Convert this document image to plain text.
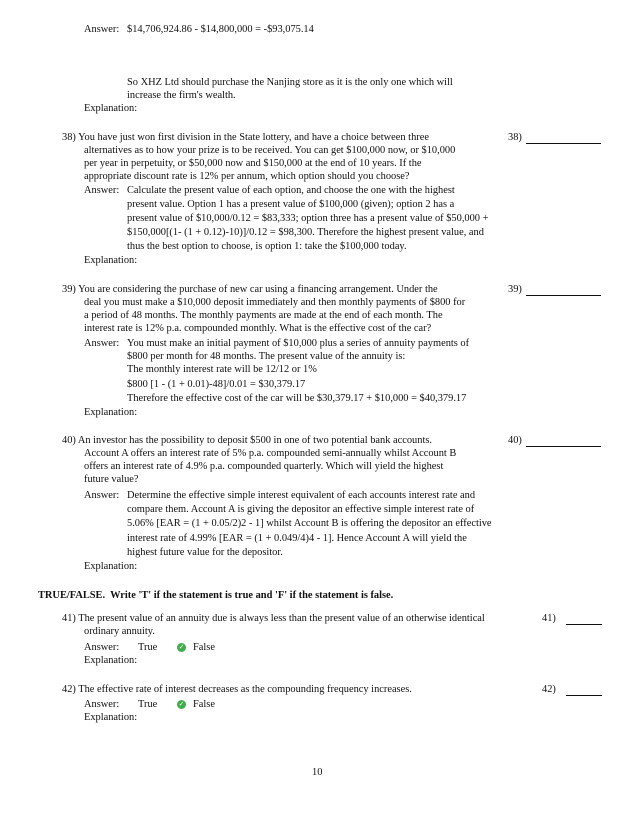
Answer: $14,706,924.86 - $14,800,000 = -$93,075.14
So XHZ Ltd should purchase the Nanjing store as it is the only one which will
increase the firm's wealth.
Explanation:
38) You have just won first division in the State lottery, and have a choice between three
alternatives as to how your prize is to be received. You can get $100,000 now, or $10,000
per year in perpetuity, or $50,000 now and $150,000 at the end of 10 years. If the
appropriate discount rate is 12% per annum, which option should you choose?
38)
Answer: Calculate the present value of each option, and choose the one with the highest
present value. Option 1 has a present value of $100,000 (given); option 2 has a
present value of $10,000/0.12 = $83,333; option three has a present value of $50,000 +
$150,000[(1- (1 + 0.12)-10)]/0.12 = $98,300. Therefore the highest present value, and
thus the best option to choose, is option 1: take the $100,000 today.
Explanation:
39) You are considering the purchase of new car using a financing arrangement. Under the
deal you must make a $10,000 deposit immediately and then monthly payments of $800 for
a period of 48 months. The monthly payments are made at the end of each month. The
interest rate is 12% p.a. compounded monthly. What is the effective cost of the car?
39)
Answer: You must make an initial payment of $10,000 plus a series of annuity payments of
$800 per month for 48 months. The present value of the annuity is:
The monthly interest rate will be 12/12 or 1%
$800 [1 - (1 + 0.01)-48]/0.01 = $30,379.17
Therefore the effective cost of the car will be $30,379.17 + $10,000 = $40,379.17
Explanation:
40) An investor has the possibility to deposit $500 in one of two potential bank accounts.
Account A offers an interest rate of 5% p.a. compounded semi-annually whilst Account B
offers an interest rate of 4.9% p.a. compounded quarterly. Which will yield the highest
future value?
40)
Answer: Determine the effective simple interest equivalent of each accounts interest rate and
compare them. Account A is giving the depositor an effective simple interest rate of
5.06% [EAR = (1 + 0.05/2)2 - 1] whilst Account B is offering the depositor an effective
interest rate of 4.99% [EAR = (1 + 0.049/4)4 - 1]. Hence Account A will yield the
highest future value for the depositor.
Explanation:
TRUE/FALSE.  Write 'T' if the statement is true and 'F' if the statement is false.
41) The present value of an annuity due is always less than the present value of an otherwise identical
ordinary annuity.
41)
Answer: True	✓ False
Explanation:
42) The effective rate of interest decreases as the compounding frequency increases.	42)
Answer: True	✓ False
Explanation:
10
